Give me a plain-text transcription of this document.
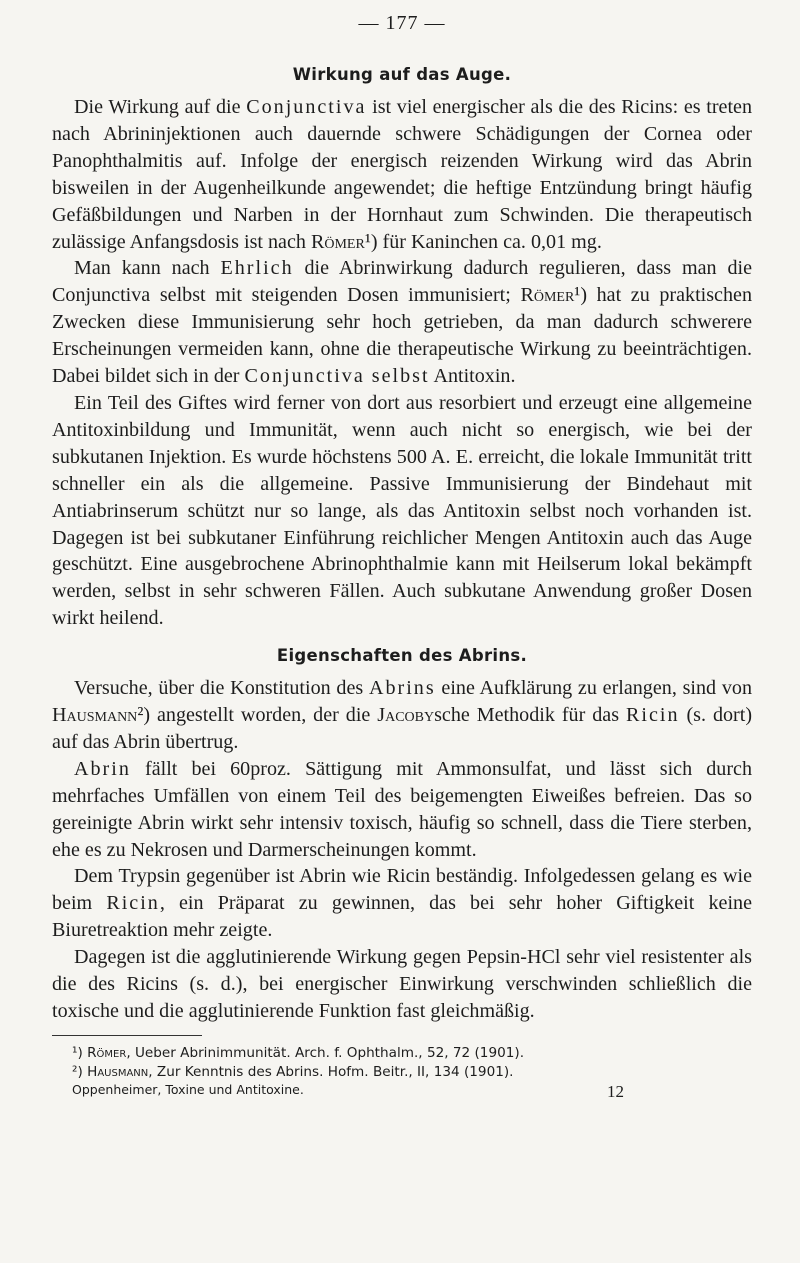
— 177 —
Wirkung auf das Auge.

Die Wirkung auf die Conjunctiva ist viel energischer als die des Ricins: es treten nach Abrininjektionen auch dauernde schwere Schädigungen der Cornea oder Panophthalmitis auf. Infolge der energisch reizenden Wirkung wird das Abrin bisweilen in der Augenheilkunde angewendet; die heftige Entzündung bringt häufig Gefäßbildungen und Narben in der Hornhaut zum Schwinden. Die therapeutisch zulässige Anfangsdosis ist nach Römer¹) für Kaninchen ca. 0,01 mg.

Man kann nach Ehrlich die Abrinwirkung dadurch regulieren, dass man die Conjunctiva selbst mit steigenden Dosen immunisiert; Römer¹) hat zu praktischen Zwecken diese Immunisierung sehr hoch getrieben, da man dadurch schwerere Erscheinungen vermeiden kann, ohne die therapeutische Wirkung zu beeinträchtigen. Dabei bildet sich in der Conjunctiva selbst Antitoxin.

Ein Teil des Giftes wird ferner von dort aus resorbiert und erzeugt eine allgemeine Antitoxinbildung und Immunität, wenn auch nicht so energisch, wie bei der subkutanen Injektion. Es wurde höchstens 500 A. E. erreicht, die lokale Immunität tritt schneller ein als die allgemeine. Passive Immunisierung der Bindehaut mit Antiabrinserum schützt nur so lange, als das Antitoxin selbst noch vorhanden ist. Dagegen ist bei subkutaner Einführung reichlicher Mengen Antitoxin auch das Auge geschützt. Eine ausgebrochene Abrinophthalmie kann mit Heilserum lokal bekämpft werden, selbst in sehr schweren Fällen. Auch subkutane Anwendung großer Dosen wirkt heilend.

Eigenschaften des Abrins.

Versuche, über die Konstitution des Abrins eine Aufklärung zu erlangen, sind von Hausmann²) angestellt worden, der die Jacobysche Methodik für das Ricin (s. dort) auf das Abrin übertrug.

Abrin fällt bei 60proz. Sättigung mit Ammonsulfat, und lässt sich durch mehrfaches Umfällen von einem Teil des beigemengten Eiweißes befreien. Das so gereinigte Abrin wirkt sehr intensiv toxisch, häufig so schnell, dass die Tiere sterben, ehe es zu Nekrosen und Darmerscheinungen kommt.

Dem Trypsin gegenüber ist Abrin wie Ricin beständig. Infolgedessen gelang es wie beim Ricin, ein Präparat zu gewinnen, das bei sehr hoher Giftigkeit keine Biuretreaktion mehr zeigte.

Dagegen ist die agglutinierende Wirkung gegen Pepsin-HCl sehr viel resistenter als die des Ricins (s. d.), bei energischer Einwirkung verschwinden schließlich die toxische und die agglutinierende Funktion fast gleichmäßig.

¹) Römer, Ueber Abrinimmunität. Arch. f. Ophthalm., 52, 72 (1901).
²) Hausmann, Zur Kenntnis des Abrins. Hofm. Beitr., II, 134 (1901).
Oppenheimer, Toxine und Antitoxine.	12
